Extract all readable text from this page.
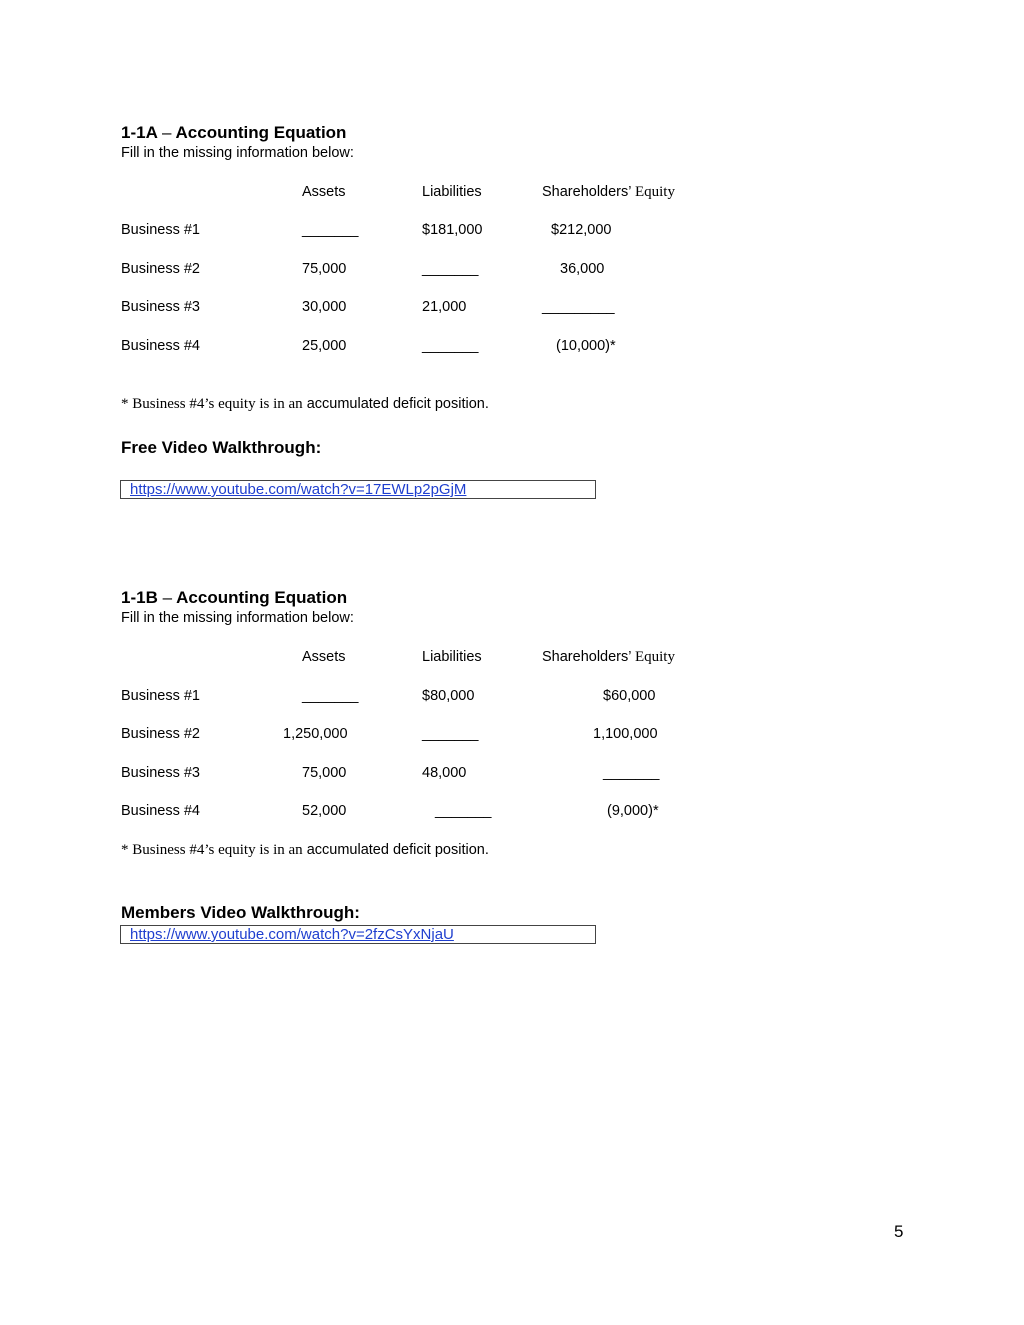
1-1A – Accounting Equation
Fill in the missing information below:
Assets	Liabilities	Shareholders’ Equity
Business #1	_______	$181,000	$212,000
Business #2	75,000	_______	36,000
Business #3	30,000	21,000	_________
Business #4	25,000	_______	(10,000)*
* Business #4’s equity is in an accumulated deficit position.
Free Video Walkthrough:
https://www.youtube.com/watch?v=17EWLp2pGjM
1-1B – Accounting Equation
Fill in the missing information below:
Assets	Liabilities	Shareholders’ Equity
Business #1	_______	$80,000	$60,000
Business #2	1,250,000	_______	1,100,000
Business #3	75,000	48,000	_______
Business #4	52,000	_______	(9,000)*
* Business #4’s equity is in an accumulated deficit position.
Members Video Walkthrough:
https://www.youtube.com/watch?v=2fzCsYxNjaU
5
